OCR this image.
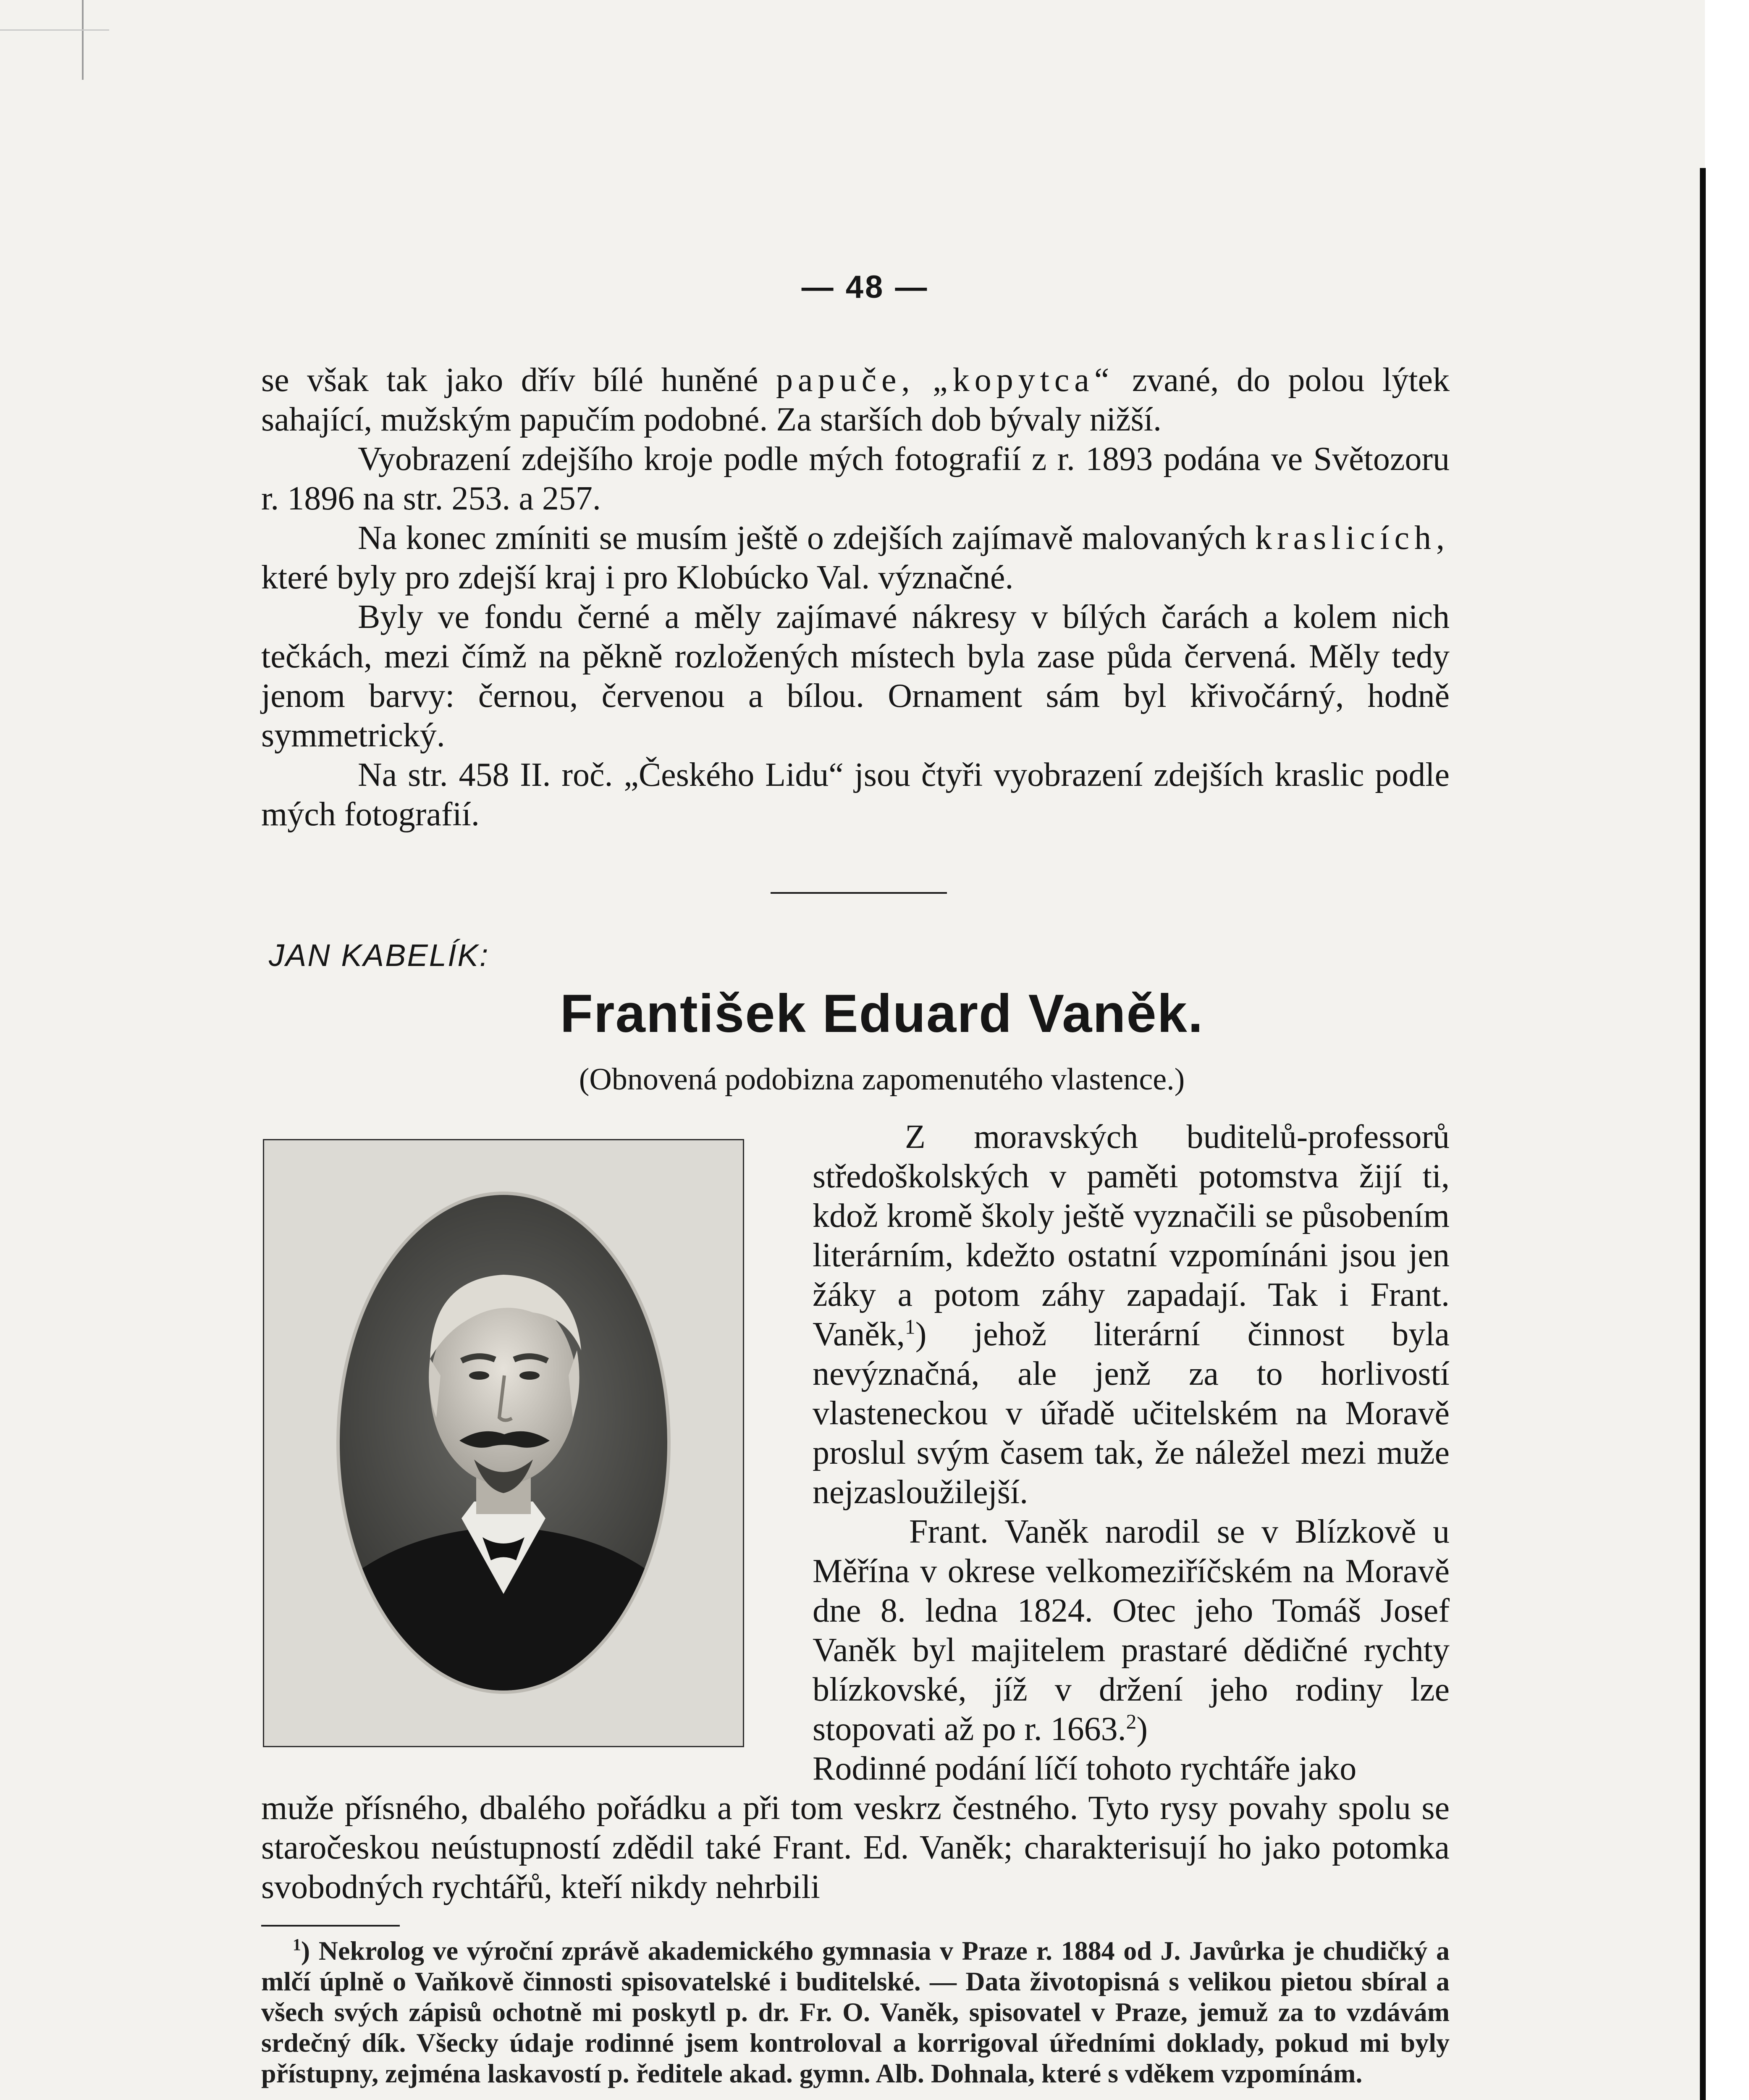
— 48 —

se však tak jako dřív bílé huněné papuče, „kopytca“ zvané, do polou lýtek sahající, mužským papučím podobné. Za starších dob bývaly nižší.

Vyobrazení zdejšího kroje podle mých fotografií z r. 1893 podána ve Světozoru r. 1896 na str. 253. a 257.

Na konec zmíniti se musím ještě o zdejších zajímavě malovaných kraslicích, které byly pro zdejší kraj i pro Klobúcko Val. význačné.

Byly ve fondu černé a měly zajímavé nákresy v bílých čarách a kolem nich tečkách, mezi čímž na pěkně rozložených místech byla zase půda červená. Měly tedy jenom barvy: černou, červenou a bílou. Ornament sám byl křivočárný, hodně symmetrický.

Na str. 458 II. roč. „Českého Lidu“ jsou čtyři vyobrazení zdejších kraslic podle mých fotografií.

JAN KABELÍK:
František Eduard Vaněk.
(Obnovená podobizna zapomenutého vlastence.)

Z moravských buditelů-professorů středoškolských v paměti potomstva žijí ti, kdož kromě školy ještě vyznačili se působením literárním, kdežto ostatní vzpomínáni jsou jen žáky a potom záhy zapadají. Tak i Frant. Vaněk,$^1$) jehož literární činnost byla nevýznačná, ale jenž za to horlivostí vlasteneckou v úřadě učitelském na Moravě proslul svým časem tak, že náležel mezi muže nejzasloužilejší.

Frant. Vaněk narodil se v Blízkově u Měřína v okrese velkomeziříčském na Moravě dne 8. ledna 1824. Otec jeho Tomáš Josef Vaněk byl majitelem prastaré dědičné rychty blízkovské, jíž v držení jeho rodiny lze stopovati až po r. 1663.$^2$)

Rodinné podání líčí tohoto rychtáře jako

muže přísného, dbalého pořádku a při tom veskrz čestného. Tyto rysy povahy spolu se staročeskou neústupností zdědil také Frant. Ed. Vaněk; charakterisují ho jako potomka svobodných rychtářů, kteří nikdy nehrbili

$^1$) Nekrolog ve výroční zprávě akademického gymnasia v Praze r. 1884 od J. Javůrka je chudičký a mlčí úplně o Vaňkově činnosti spisovatelské i buditelské. — Data životopisná s velikou pietou sbíral a všech svých zápisů ochotně mi poskytl p. dr. Fr. O. Vaněk, spisovatel v Praze, jemuž za to vzdávám srdečný dík. Všecky údaje rodinné jsem kontroloval a korrigoval úředními doklady, pokud mi byly přístupny, zejména laskavostí p. ředitele akad. gymn. Alb. Dohnala, které s vděkem vzpomínám.
